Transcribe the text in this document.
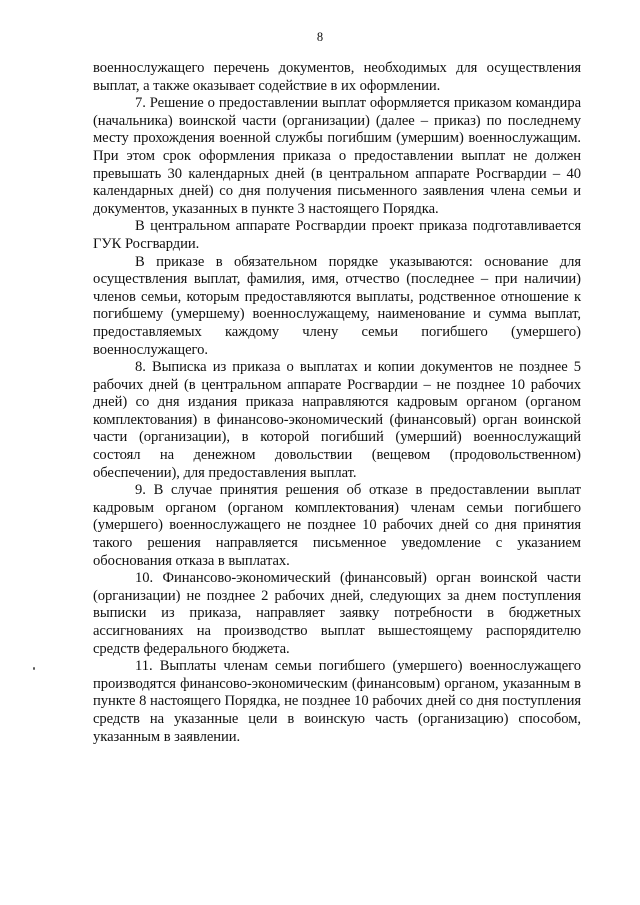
8

военнослужащего перечень документов, необходимых для осуществления выплат, а также оказывает содействие в их оформлении.

7. Решение о предоставлении выплат оформляется приказом командира (начальника) воинской части (организации) (далее – приказ) по последнему месту прохождения военной службы погибшим (умершим) военнослужащим. При этом срок оформления приказа о предоставлении выплат не должен превышать 30 календарных дней (в центральном аппарате Росгвардии – 40 календарных дней) со дня получения письменного заявления члена семьи и документов, указанных в пункте 3 настоящего Порядка.

В центральном аппарате Росгвардии проект приказа подготавливается ГУК Росгвардии.

В приказе в обязательном порядке указываются: основание для осуществления выплат, фамилия, имя, отчество (последнее – при наличии) членов семьи, которым предоставляются выплаты, родственное отношение к погибшему (умершему) военнослужащему, наименование и сумма выплат, предоставляемых каждому члену семьи погибшего (умершего) военнослужащего.

8. Выписка из приказа о выплатах и копии документов не позднее 5 рабочих дней (в центральном аппарате Росгвардии – не позднее 10 рабочих дней) со дня издания приказа направляются кадровым органом (органом комплектования) в финансово-экономический (финансовый) орган воинской части (организации), в которой погибший (умерший) военнослужащий состоял на денежном довольствии (вещевом (продовольственном) обеспечении), для предоставления выплат.

9. В случае принятия решения об отказе в предоставлении выплат кадровым органом (органом комплектования) членам семьи погибшего (умершего) военнослужащего не позднее 10 рабочих дней со дня принятия такого решения направляется письменное уведомление с указанием обоснования отказа в выплатах.

10. Финансово-экономический (финансовый) орган воинской части (организации) не позднее 2 рабочих дней, следующих за днем поступления выписки из приказа, направляет заявку потребности в бюджетных ассигнованиях на производство выплат вышестоящему распорядителю средств федерального бюджета.

11. Выплаты членам семьи погибшего (умершего) военнослужащего производятся финансово-экономическим (финансовым) органом, указанным в пункте 8 настоящего Порядка, не позднее 10 рабочих дней со дня поступления средств на указанные цели в воинскую часть (организацию) способом, указанным в заявлении.
